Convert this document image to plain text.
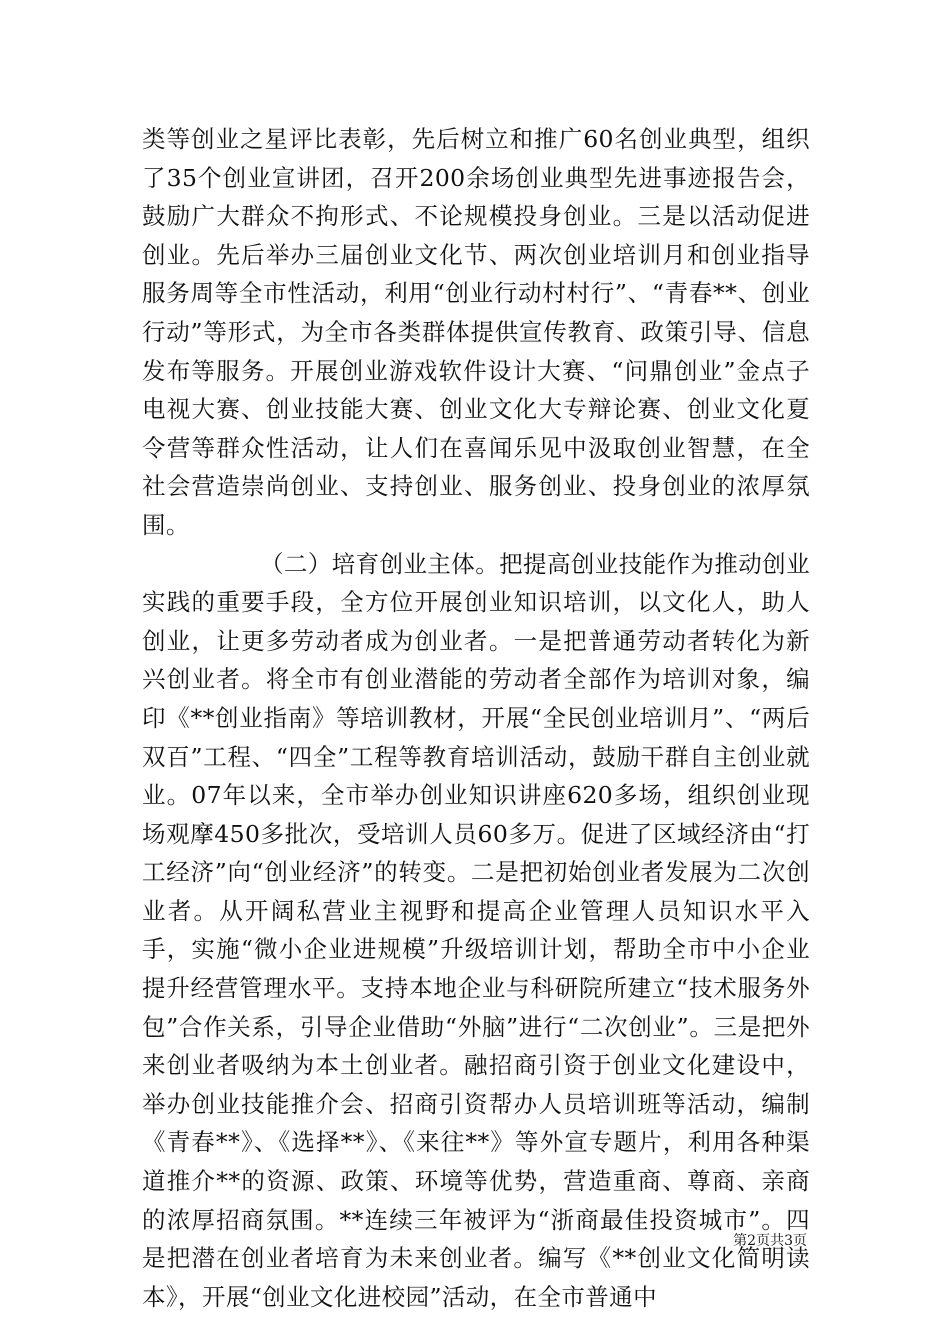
类等创业之星评比表彰，先后树立和推广60名创业典型，组织了35个创业宣讲团，召开200余场创业典型先进事迹报告会，鼓励广大群众不拘形式、不论规模投身创业。三是以活动促进创业。先后举办三届创业文化节、两次创业培训月和创业指导服务周等全市性活动，利用“创业行动村村行”、“青春**、创业行动”等形式，为全市各类群体提供宣传教育、政策引导、信息发布等服务。开展创业游戏软件设计大赛、“问鼎创业”金点子电视大赛、创业技能大赛、创业文化大专辩论赛、创业文化夏令营等群众性活动，让人们在喜闻乐见中汲取创业智慧，在全社会营造崇尚创业、支持创业、服务创业、投身创业的浓厚氛围。

（二）培育创业主体。把提高创业技能作为推动创业实践的重要手段，全方位开展创业知识培训，以文化人，助人创业，让更多劳动者成为创业者。一是把普通劳动者转化为新兴创业者。将全市有创业潜能的劳动者全部作为培训对象，编印《**创业指南》等培训教材，开展“全民创业培训月”、“两后双百”工程、“四全”工程等教育培训活动，鼓励干群自主创业就业。07年以来，全市举办创业知识讲座620多场，组织创业现场观摩450多批次，受培训人员60多万。促进了区域经济由“打工经济”向“创业经济”的转变。二是把初始创业者发展为二次创业者。从开阔私营业主视野和提高企业管理人员知识水平入手，实施“微小企业进规模”升级培训计划，帮助全市中小企业提升经营管理水平。支持本地企业与科研院所建立“技术服务外包”合作关系，引导企业借助“外脑”进行“二次创业”。三是把外来创业者吸纳为本土创业者。融招商引资于创业文化建设中，举办创业技能推介会、招商引资帮办人员培训班等活动，编制《青春**》、《选择**》、《来往**》等外宣专题片，利用各种渠道推介**的资源、政策、环境等优势，营造重商、尊商、亲商的浓厚招商氛围。**连续三年被评为“浙商最佳投资城市”。四是把潜在创业者培育为未来创业者。编写《**创业文化简明读本》，开展“创业文化进校园”活动，在全市普通中

第2页共3页
